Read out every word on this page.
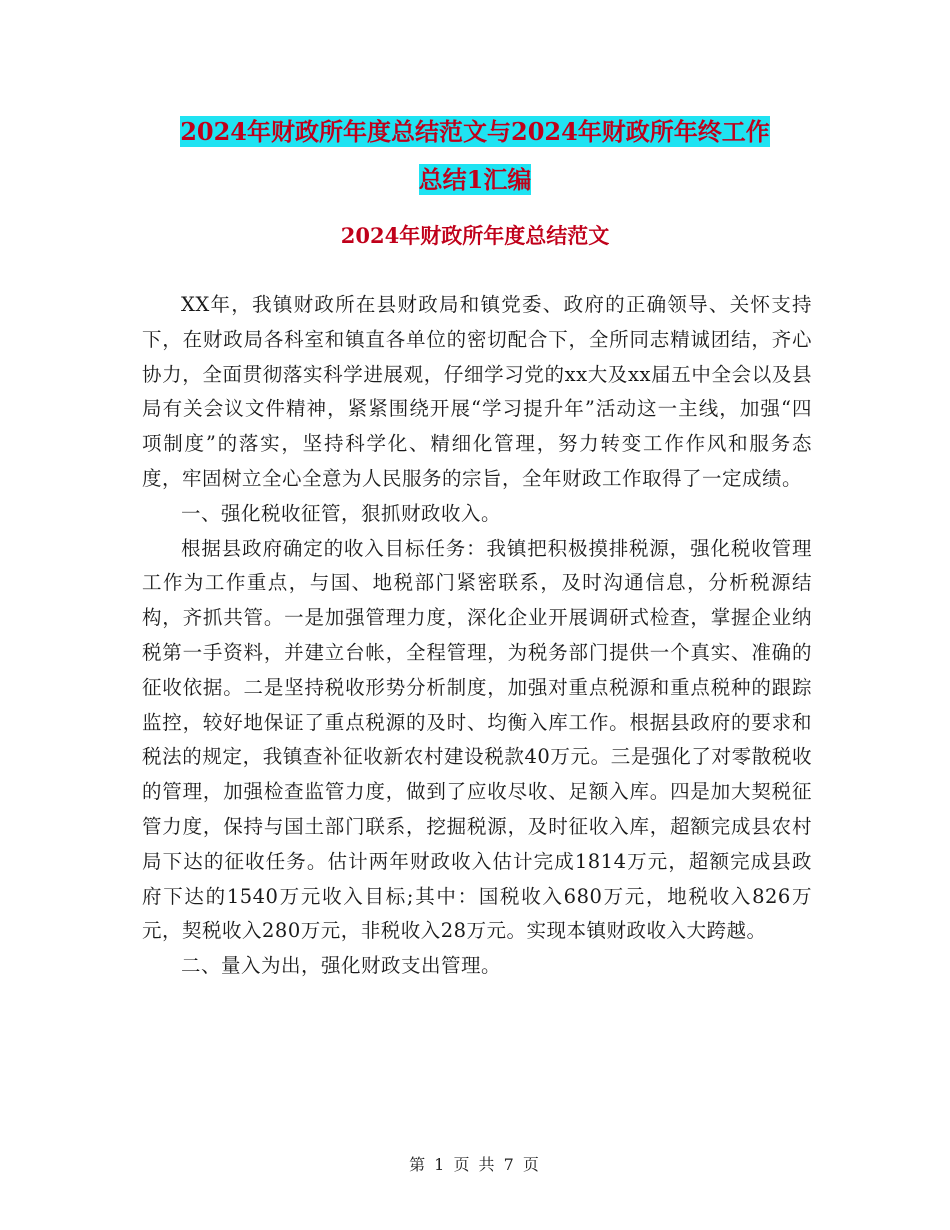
2024年财政所年度总结范文与2024年财政所年终工作
总结1汇编
2024年财政所年度总结范文

XX年，我镇财政所在县财政局和镇党委、政府的正确领导、关怀支持下，在财政局各科室和镇直各单位的密切配合下，全所同志精诚团结，齐心协力，全面贯彻落实科学进展观，仔细学习党的xx大及xx届五中全会以及县局有关会议文件精神，紧紧围绕开展“学习提升年”活动这一主线，加强“四项制度”的落实，坚持科学化、精细化管理，努力转变工作作风和服务态度，牢固树立全心全意为人民服务的宗旨，全年财政工作取得了一定成绩。

一、强化税收征管，狠抓财政收入。

根据县政府确定的收入目标任务：我镇把积极摸排税源，强化税收管理工作为工作重点，与国、地税部门紧密联系，及时沟通信息，分析税源结构，齐抓共管。一是加强管理力度，深化企业开展调研式检查，掌握企业纳税第一手资料，并建立台帐，全程管理，为税务部门提供一个真实、准确的征收依据。二是坚持税收形势分析制度，加强对重点税源和重点税种的跟踪监控，较好地保证了重点税源的及时、均衡入库工作。根据县政府的要求和税法的规定，我镇查补征收新农村建设税款40万元。三是强化了对零散税收的管理，加强检查监管力度，做到了应收尽收、足额入库。四是加大契税征管力度，保持与国土部门联系，挖掘税源，及时征收入库，超额完成县农村局下达的征收任务。估计两年财政收入估计完成1814万元，超额完成县政府下达的1540万元收入目标;其中：国税收入680万元，地税收入826万元，契税收入280万元，非税收入28万元。实现本镇财政收入大跨越。

二、量入为出，强化财政支出管理。

第 1 页 共 7 页
